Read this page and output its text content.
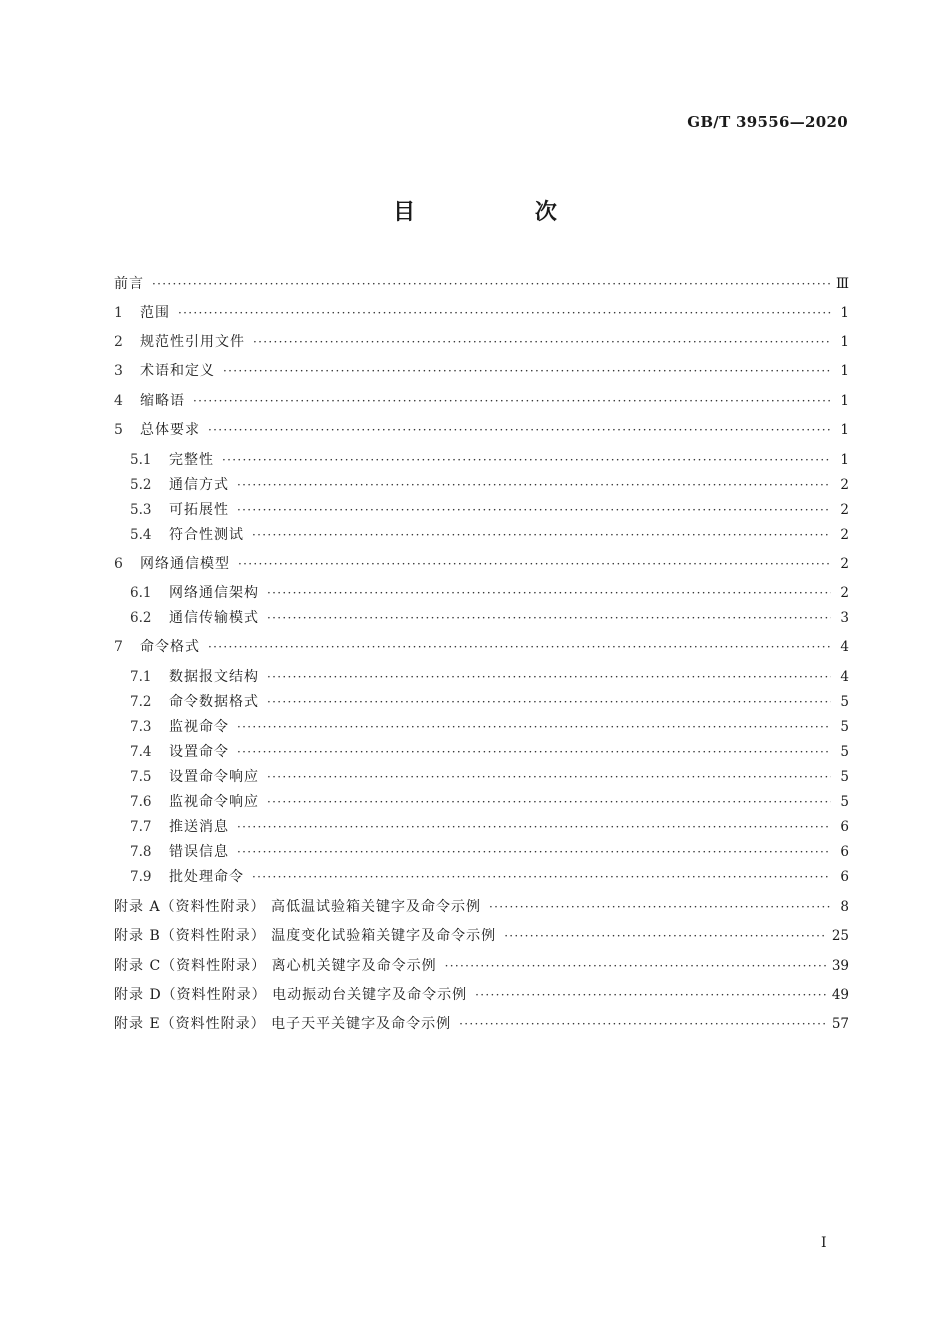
GB/T 39556—2020

目 次
前言 ·····	Ⅲ
1	范围 ·····	1
2	规范性引用文件 ·····	1
3	术语和定义 ·····	1
4	缩略语 ·····	1
5	总体要求 ·····	1
5.1	完整性 ·····	1
5.2	通信方式 ·····	2
5.3	可拓展性 ·····	2
5.4	符合性测试 ·····	2
6	网络通信模型 ·····	2
6.1	网络通信架构 ·····	2
6.2	通信传输模式 ·····	3
7	命令格式 ·····	4
7.1	数据报文结构 ·····	4
7.2	命令数据格式 ·····	5
7.3	监视命令 ·····	5
7.4	设置命令 ·····	5
7.5	设置命令响应 ·····	5
7.6	监视命令响应 ·····	5
7.7	推送消息 ·····	6
7.8	错误信息 ·····	6
7.9	批处理命令 ·····	6
附录 A（资料性附录） 高低温试验箱关键字及命令示例 ·····	8
附录 B（资料性附录） 温度变化试验箱关键字及命令示例 ·····	25
附录 C（资料性附录） 离心机关键字及命令示例 ·····	39
附录 D（资料性附录） 电动振动台关键字及命令示例 ·····	49
附录 E（资料性附录） 电子天平关键字及命令示例 ·····	57

I
